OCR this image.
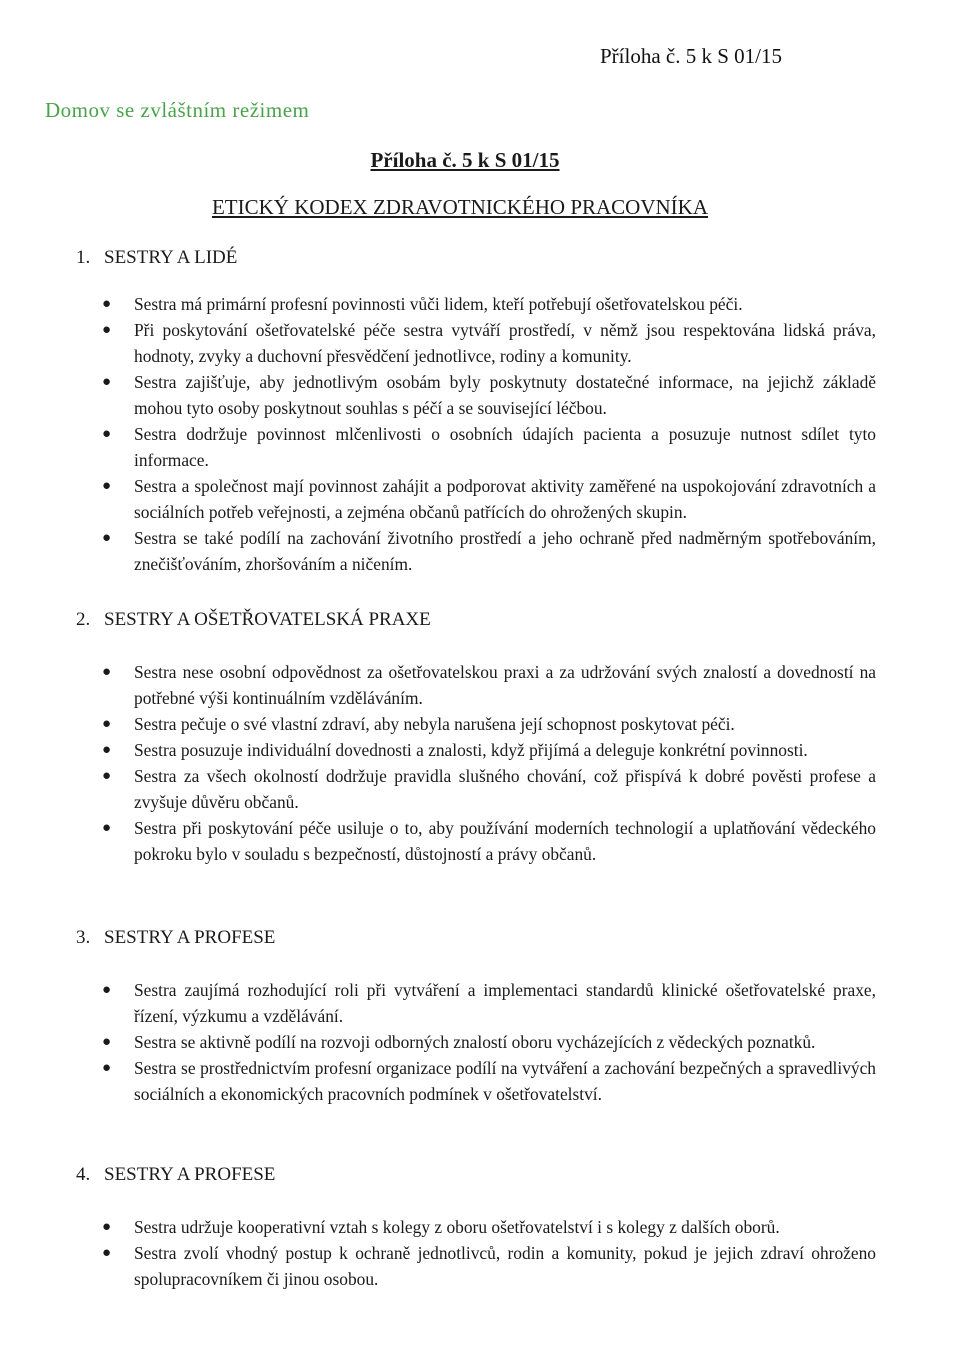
Příloha č. 5 k S 01/15
Domov se zvláštním režimem
Příloha č. 5 k S 01/15
ETICKÝ KODEX ZDRAVOTNICKÉHO PRACOVNÍKA
1. SESTRY A LIDÉ
● Sestra má primární profesní povinnosti vůči lidem, kteří potřebují ošetřovatelskou péči.
● Při poskytování ošetřovatelské péče sestra vytváří prostředí, v němž jsou respektována lidská práva, hodnoty, zvyky a duchovní přesvědčení jednotlivce, rodiny a komunity.
● Sestra zajišťuje, aby jednotlivým osobám byly poskytnuty dostatečné informace, na jejichž základě mohou tyto osoby poskytnout souhlas s péčí a se související léčbou.
● Sestra dodržuje povinnost mlčenlivosti o osobních údajích pacienta a posuzuje nutnost sdílet tyto informace.
● Sestra a společnost mají povinnost zahájit a podporovat aktivity zaměřené na uspokojování zdravotních a sociálních potřeb veřejnosti, a zejména občanů patřících do ohrožených skupin.
● Sestra se také podílí na zachování životního prostředí a jeho ochraně před nadměrným spotřebováním, znečišťováním, zhoršováním a ničením.
2. SESTRY A OŠETŘOVATELSKÁ PRAXE
● Sestra nese osobní odpovědnost za ošetřovatelskou praxi a za udržování svých znalostí a dovedností na potřebné výši kontinuálním vzděláváním.
● Sestra pečuje o své vlastní zdraví, aby nebyla narušena její schopnost poskytovat péči.
● Sestra posuzuje individuální dovednosti a znalosti, když přijímá a deleguje konkrétní povinnosti.
● Sestra za všech okolností dodržuje pravidla slušného chování, což přispívá k dobré pověsti profese a zvyšuje důvěru občanů.
● Sestra při poskytování péče usiluje o to, aby používání moderních technologií a uplatňování vědeckého pokroku bylo v souladu s bezpečností, důstojností a právy občanů.
3. SESTRY A PROFESE
● Sestra zaujímá rozhodující roli při vytváření a implementaci standardů klinické ošetřovatelské praxe, řízení, výzkumu a vzdělávání.
● Sestra se aktivně podílí na rozvoji odborných znalostí oboru vycházejících z vědeckých poznatků.
● Sestra se prostřednictvím profesní organizace podílí na vytváření a zachování bezpečných a spravedlivých sociálních a ekonomických pracovních podmínek v ošetřovatelství.
4. SESTRY A PROFESE
● Sestra udržuje kooperativní vztah s kolegy z oboru ošetřovatelství i s kolegy z dalších oborů.
● Sestra zvolí vhodný postup k ochraně jednotlivců, rodin a komunity, pokud je jejich zdraví ohroženo spolupracovníkem či jinou osobou.
